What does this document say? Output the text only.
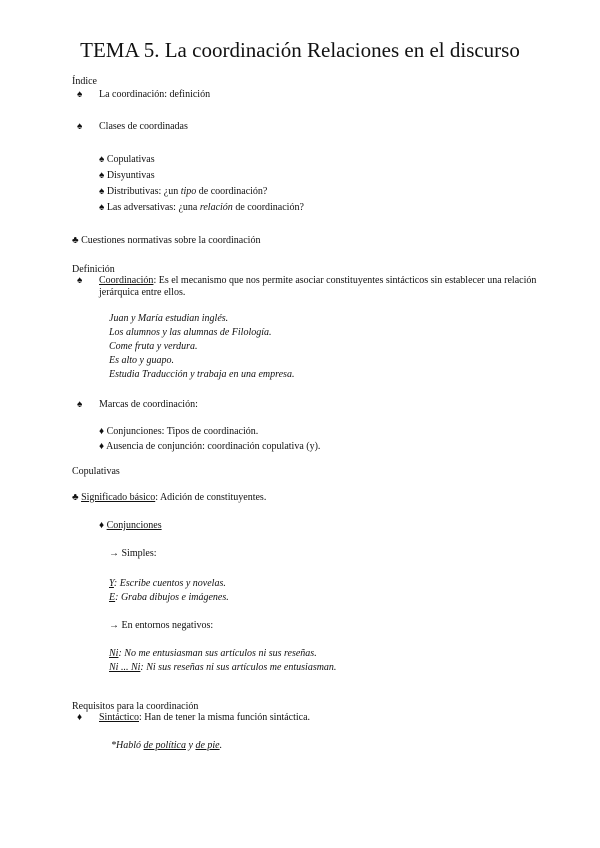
TEMA 5. La coordinación Relaciones en el discurso
Índice
♠ La coordinación: definición
♠ Clases de coordinadas
♠ Copulativas
♠ Disyuntivas
♠ Distributivas: ¿un tipo de coordinación?
♠ Las adversativas: ¿una relación de coordinación?
♣ Cuestiones normativas sobre la coordinación
Definición
♠ Coordinación: Es el mecanismo que nos permite asociar constituyentes sintácticos sin establecer una relación jerárquica entre ellos.
Juan y María estudian inglés.
Los alumnos y las alumnas de Filología.
Come fruta y verdura.
Es alto y guapo.
Estudia Traducción y trabaja en una empresa.
♠ Marcas de coordinación:
♦ Conjunciones: Tipos de coordinación.
♦ Ausencia de conjunción: coordinación copulativa (y).
Copulativas
♣ Significado básico: Adición de constituyentes.
♦ Conjunciones
→ Simples:
Y: Escribe cuentos y novelas.
E: Graba dibujos e imágenes.
→ En entornos negativos:
Ni: No me entusiasman sus artículos ni sus reseñas.
Ni ... Ni: Ni sus reseñas ni sus artículos me entusiasman.
Requisitos para la coordinación
♦ Sintáctico: Han de tener la misma función sintáctica.
*Habló de política y de pie.
